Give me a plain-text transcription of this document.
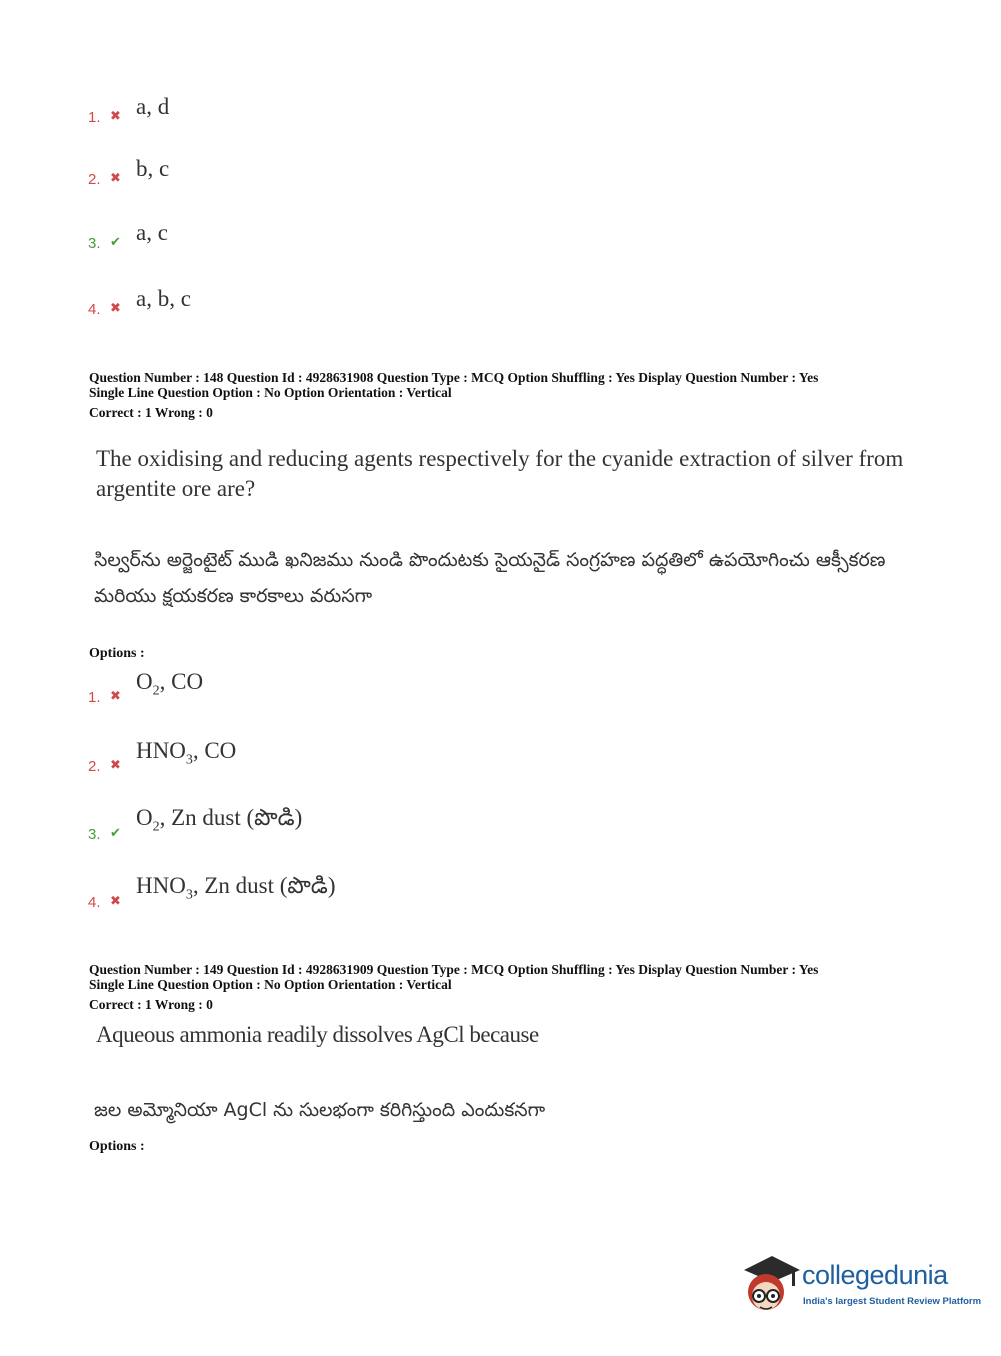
1. ✖ a, d
2. ✖ b, c
3. ✔ a, c
4. ✖ a, b, c
Question Number : 148 Question Id : 4928631908 Question Type : MCQ Option Shuffling : Yes Display Question Number : Yes
Single Line Question Option : No Option Orientation : Vertical
Correct : 1 Wrong : 0
The oxidising and reducing agents respectively for the cyanide extraction of silver from argentite ore are?
సిల్వర్‌ను అర్జెంటైట్ ముడి ఖనిజము నుండి పొందుటకు సైయనైడ్ సంగ్రహణ పద్ధతిలో ఉపయోగించు ఆక్సీకరణ మరియు క్షయకరణ కారకాలు వరుసగా
Options :
1. ✖
$O_2$, CO
2. ✖
$HNO_3$, CO
3. ✔
$O_2$, Zn dust (పొడి)
4. ✖
$HNO_3$, Zn dust (పొడి)
Question Number : 149 Question Id : 4928631909 Question Type : MCQ Option Shuffling : Yes Display Question Number : Yes
Single Line Question Option : No Option Orientation : Vertical
Correct : 1 Wrong : 0
Aqueous ammonia readily dissolves AgCl because
జల అమ్మోనియా AgCl ను సులభంగా కరిగిస్తుంది ఎందుకనగా
Options :
collegedunia
India's largest Student Review Platform
